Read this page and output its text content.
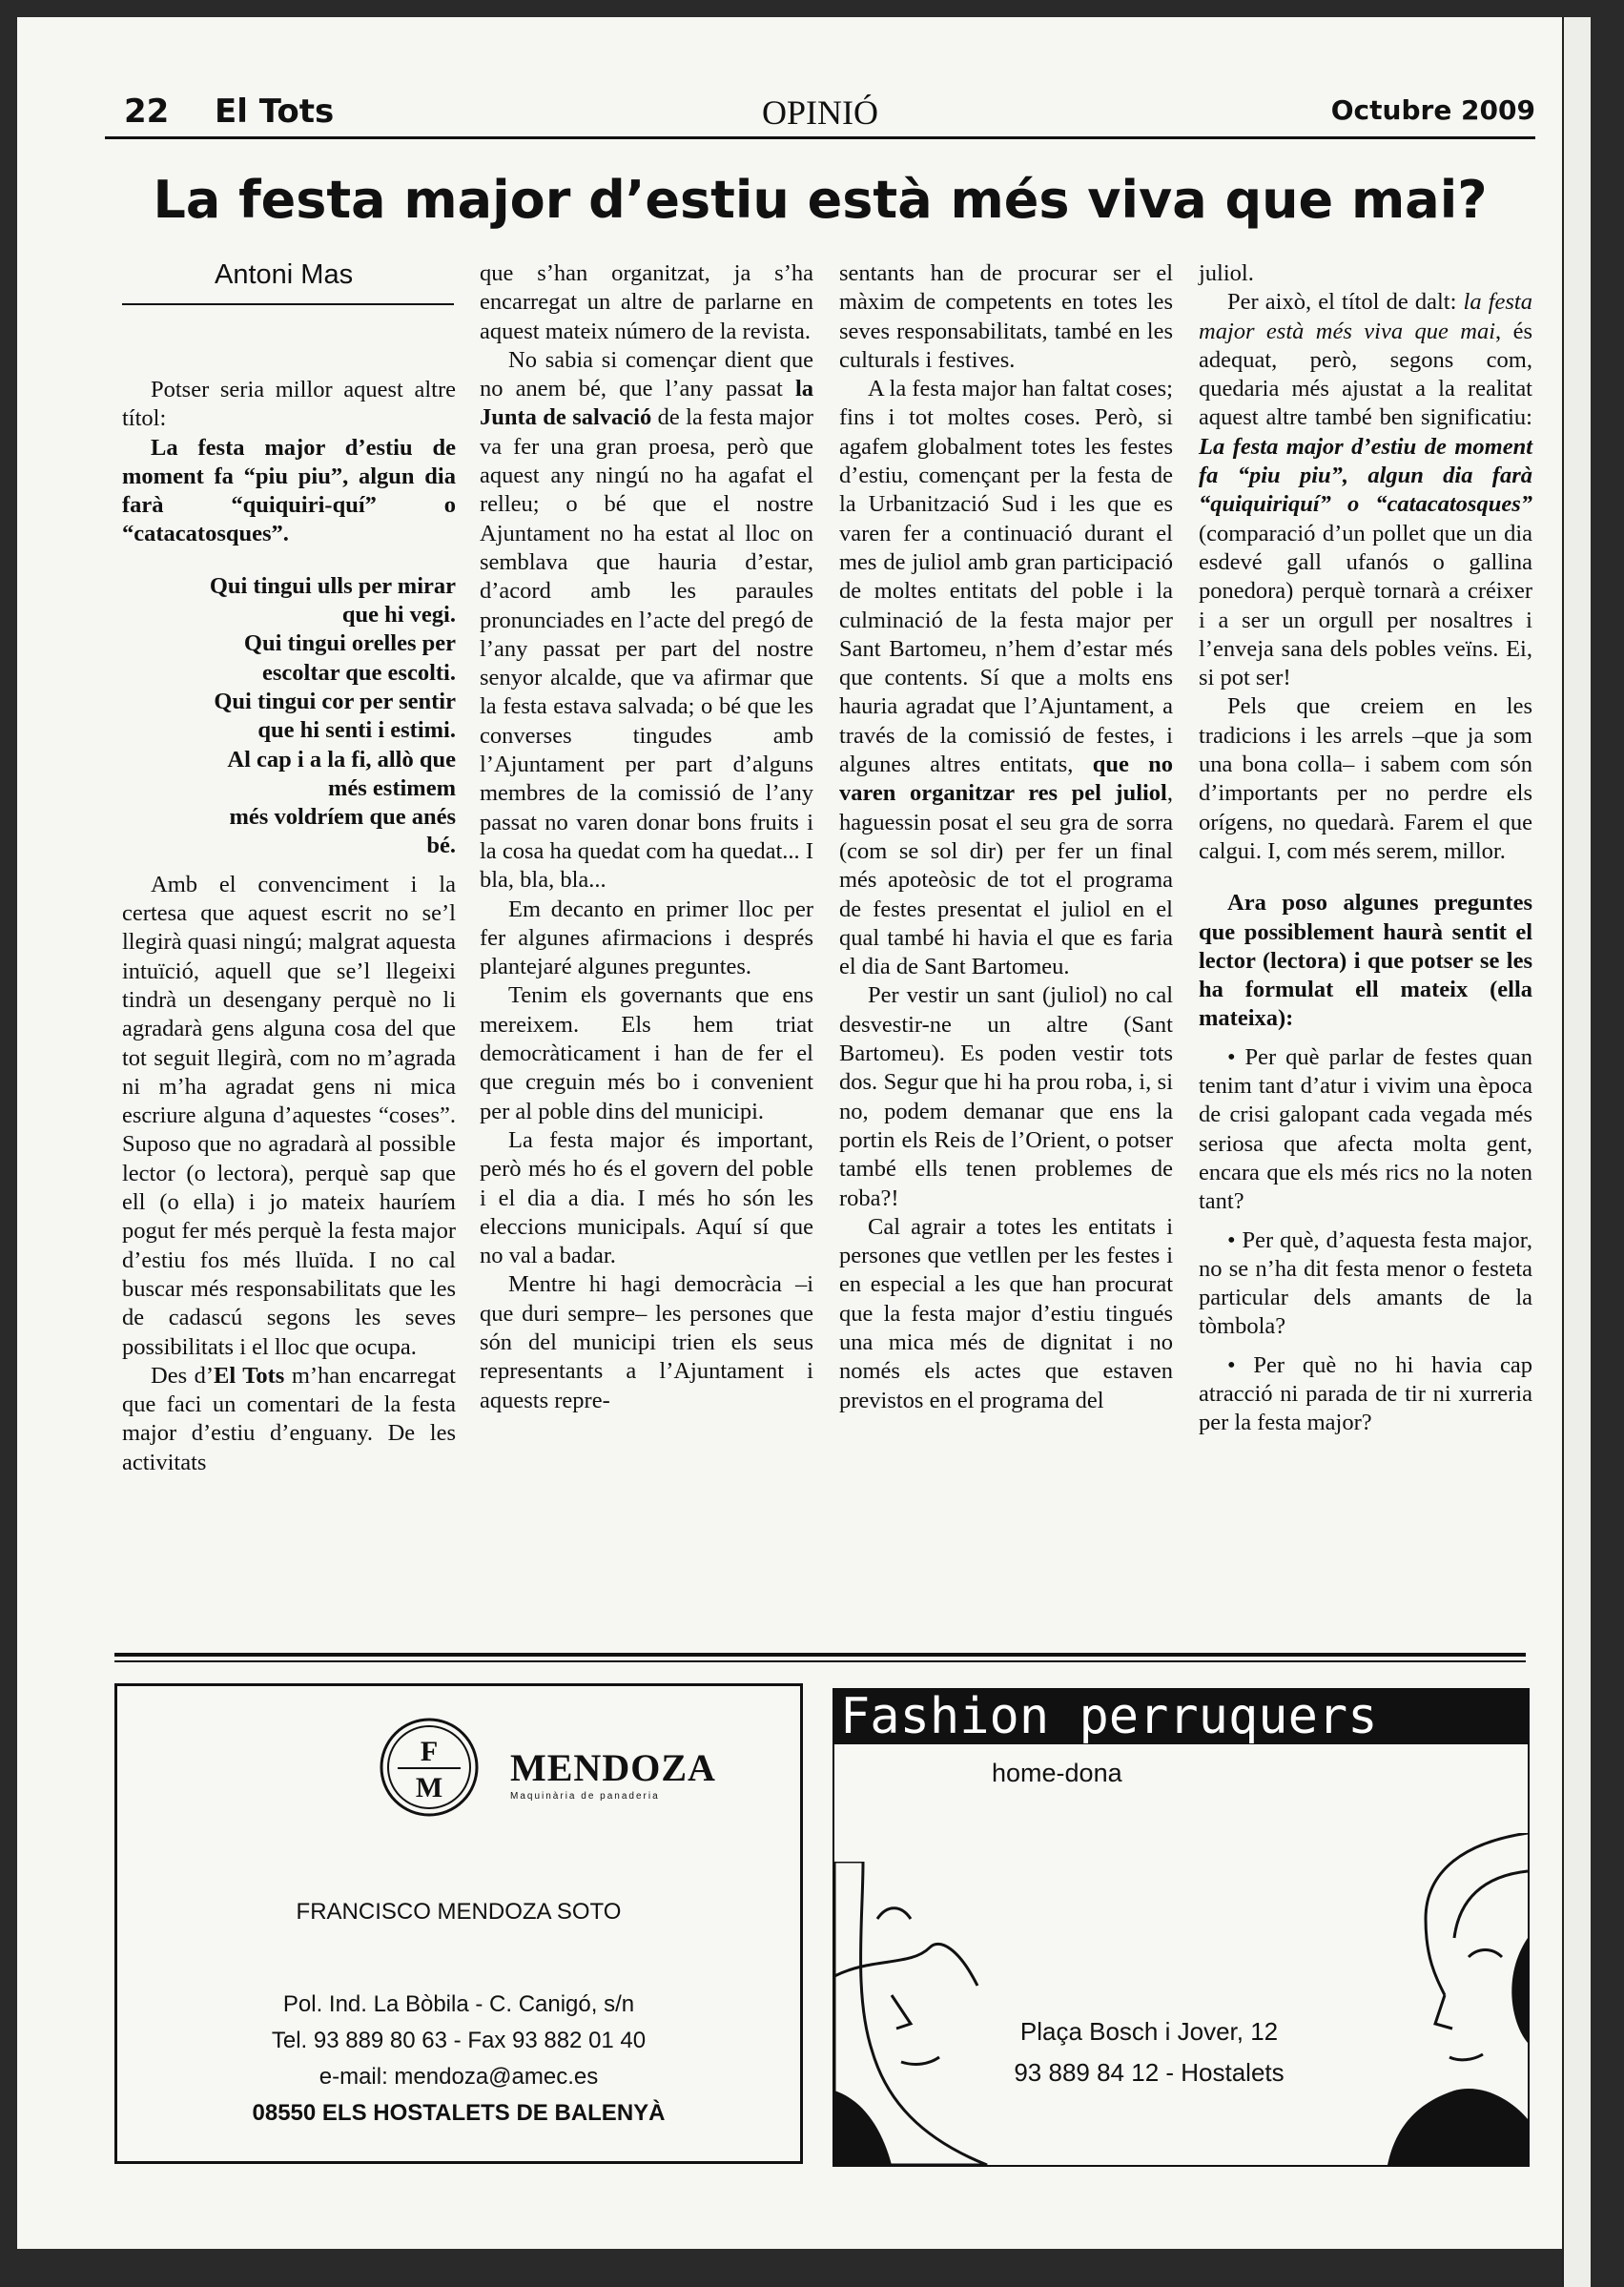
22 El Tots	OPINIÓ	Octubre 2009
La festa major d’estiu està més viva que mai?
Antoni Mas

Potser seria millor aquest altre títol:

La festa major d’estiu de moment fa “piu piu”, algun dia farà “quiquiri-quí” o “catacatosques”.

Qui tingui ulls per mirar
que hi vegi.
Qui tingui orelles per
escoltar que escolti.
Qui tingui cor per sentir
que hi senti i estimi.
Al cap i a la fi, allò que
més estimem
més voldríem que anés
bé.

Amb el convenciment i la certesa que aquest escrit no se’l llegirà quasi ningú; malgrat aquesta intuïció, aquell que se’l llegeixi tindrà un desengany perquè no li agradarà gens alguna cosa del que tot seguit llegirà, com no m’agrada ni m’ha agradat gens ni mica escriure alguna d’aquestes “coses”. Suposo que no agradarà al possible lector (o lectora), perquè sap que ell (o ella) i jo mateix hauríem pogut fer més perquè la festa major d’estiu fos més lluïda. I no cal buscar més responsabilitats que les de cadascú segons les seves possibilitats i el lloc que ocupa.

Des d’El Tots m’han encarregat que faci un comentari de la festa major d’estiu d’enguany. De les activitats

que s’han organitzat, ja s’ha encarregat un altre de parlarne en aquest mateix número de la revista.

No sabia si començar dient que no anem bé, que l’any passat la Junta de salvació de la festa major va fer una gran proesa, però que aquest any ningú no ha agafat el relleu; o bé que el nostre Ajuntament no ha estat al lloc on semblava que hauria d’estar, d’acord amb les paraules pronunciades en l’acte del pregó de l’any passat per part del nostre senyor alcalde, que va afirmar que la festa estava salvada; o bé que les converses tingudes amb l’Ajuntament per part d’alguns membres de la comissió de l’any passat no varen donar bons fruits i la cosa ha quedat com ha quedat... I bla, bla, bla...

Em decanto en primer lloc per fer algunes afirmacions i després plantejaré algunes preguntes.

Tenim els governants que ens mereixem. Els hem triat democràticament i han de fer el que creguin més bo i convenient per al poble dins del municipi.

La festa major és important, però més ho és el govern del poble i el dia a dia. I més ho són les eleccions municipals. Aquí sí que no val a badar.

Mentre hi hagi democràcia –i que duri sempre– les persones que són del municipi trien els seus representants a l’Ajuntament i aquests repre-

sentants han de procurar ser el màxim de competents en totes les seves responsabilitats, també en les culturals i festives.

A la festa major han faltat coses; fins i tot moltes coses. Però, si agafem globalment totes les festes d’estiu, començant per la festa de la Urbanització Sud i les que es varen fer a continuació durant el mes de juliol amb gran participació de moltes entitats del poble i la culminació de la festa major per Sant Bartomeu, n’hem d’estar més que contents. Sí que a molts ens hauria agradat que l’Ajuntament, a través de la comissió de festes, i algunes altres entitats, que no varen organitzar res pel juliol, haguessin posat el seu gra de sorra (com se sol dir) per fer un final més apoteòsic de tot el programa de festes presentat el juliol en el qual també hi havia el que es faria el dia de Sant Bartomeu.

Per vestir un sant (juliol) no cal desvestir-ne un altre (Sant Bartomeu). Es poden vestir tots dos. Segur que hi ha prou roba, i, si no, podem demanar que ens la portin els Reis de l’Orient, o potser també ells tenen problemes de roba?!

Cal agrair a totes les entitats i persones que vetllen per les festes i en especial a les que han procurat que la festa major d’estiu tingués una mica més de dignitat i no només els actes que estaven previstos en el programa del

juliol.

Per això, el títol de dalt: la festa major està més viva que mai, és adequat, però, segons com, quedaria més ajustat a la realitat aquest altre també ben significatiu: La festa major d’estiu de moment fa “piu piu”, algun dia farà “quiquiriquí” o “catacatosques” (comparació d’un pollet que un dia esdevé gall ufanós o gallina ponedora) perquè tornarà a créixer i a ser un orgull per nosaltres i l’enveja sana dels pobles veïns. Ei, si pot ser!

Pels que creiem en les tradicions i les arrels –que ja som una bona colla– i sabem com són d’importants per no perdre els orígens, no quedarà. Farem el que calgui. I, com més serem, millor.

Ara poso algunes preguntes que possiblement haurà sentit el lector (lectora) i que potser se les ha formulat ell mateix (ella mateixa):

• Per què parlar de festes quan tenim tant d’atur i vivim una època de crisi galopant cada vegada més seriosa que afecta molta gent, encara que els més rics no la noten tant?

• Per què, d’aquesta festa major, no se n’ha dit festa menor o festeta particular dels amants de la tòmbola?

• Per què no hi havia cap atracció ni parada de tir ni xurreria per la festa major?

F
M MENDOZA
Maquinària de panaderia
FRANCISCO MENDOZA SOTO
Pol. Ind. La Bòbila - C. Canigó, s/n
Tel. 93 889 80 63 - Fax 93 882 01 40
e-mail: mendoza@amec.es
08550 ELS HOSTALETS DE BALENYÀ
Fashion perruquers
home-dona
Plaça Bosch i Jover, 12
93 889 84 12 - Hostalets
